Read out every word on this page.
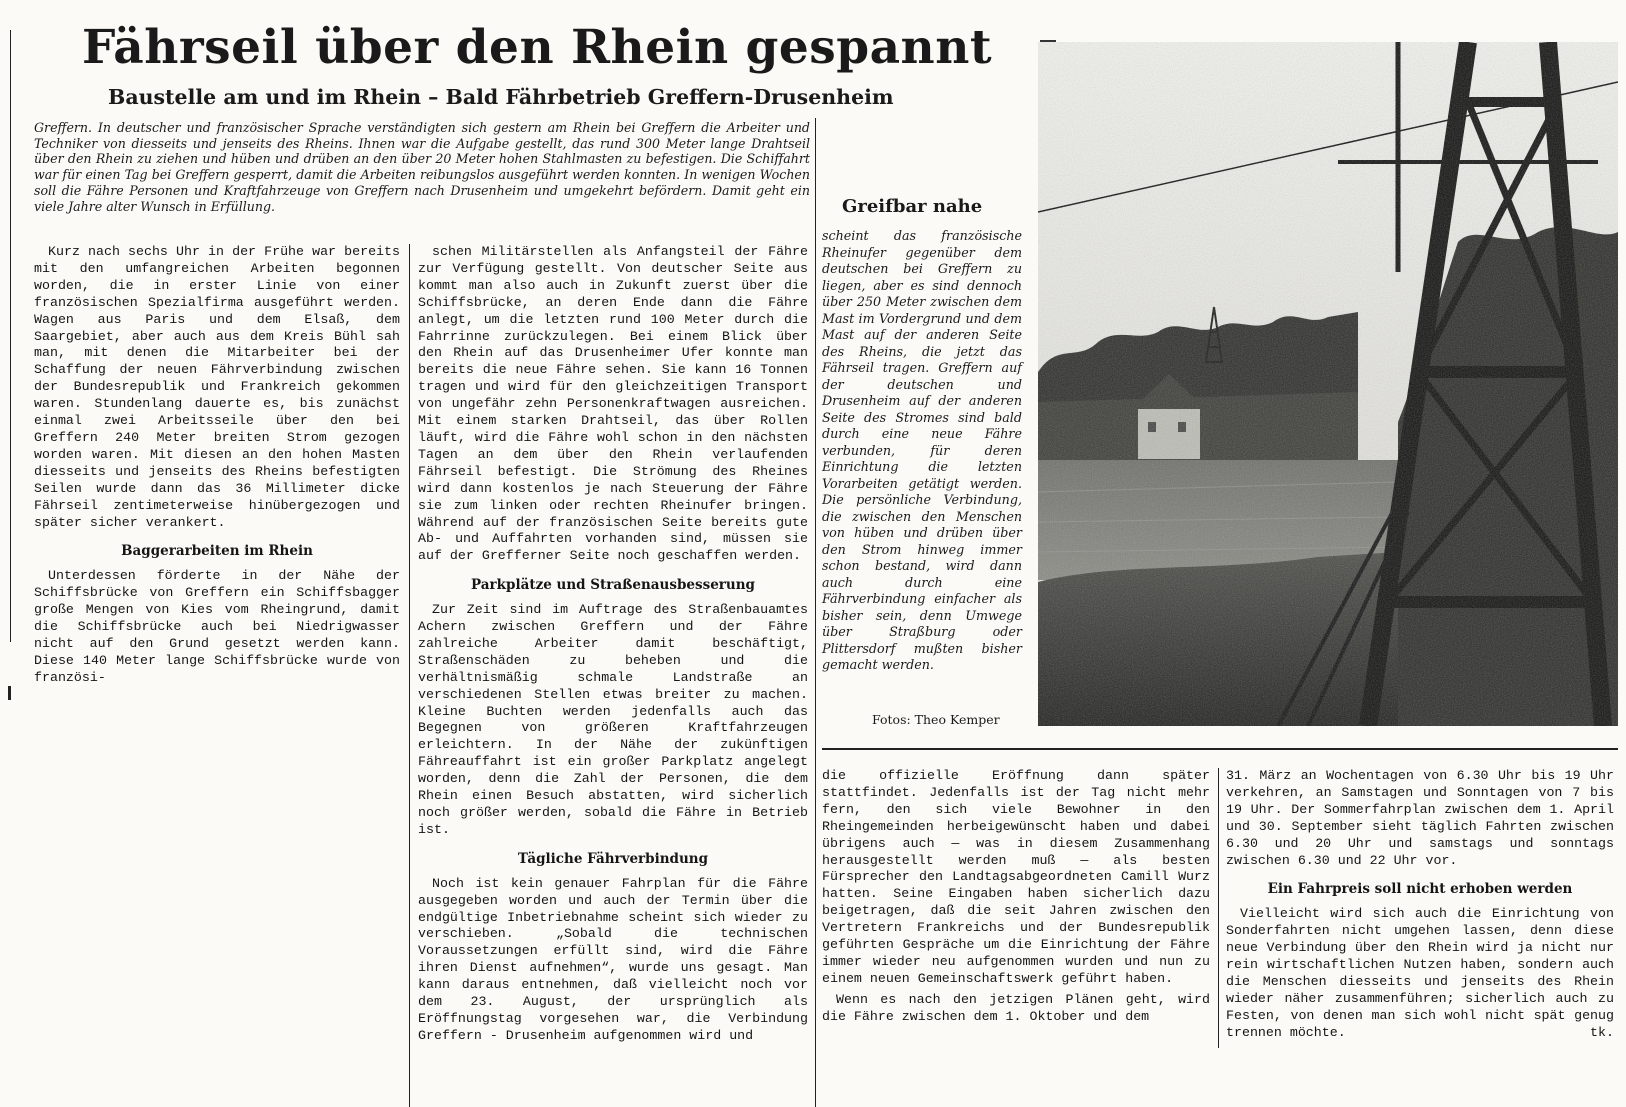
Fährseil über den Rhein gespannt
Baustelle am und im Rhein – Bald Fährbetrieb Greffern-Drusenheim
Greffern. In deutscher und französischer Sprache verständigten sich gestern am Rhein bei Greffern die Arbeiter und Techniker von diesseits und jenseits des Rheins. Ihnen war die Aufgabe gestellt, das rund 300 Meter lange Drahtseil über den Rhein zu ziehen und hüben und drüben an den über 20 Meter hohen Stahlmasten zu befestigen. Die Schiffahrt war für einen Tag bei Greffern gesperrt, damit die Arbeiten reibungslos ausgeführt werden konnten. In wenigen Wochen soll die Fähre Personen und Kraftfahrzeuge von Greffern nach Drusenheim und umgekehrt befördern. Damit geht ein viele Jahre alter Wunsch in Erfüllung.

Kurz nach sechs Uhr in der Frühe war bereits mit den umfangreichen Arbeiten begonnen worden, die in erster Linie von einer französischen Spezialfirma ausgeführt werden. Wagen aus Paris und dem Elsaß, dem Saargebiet, aber auch aus dem Kreis Bühl sah man, mit denen die Mitarbeiter bei der Schaffung der neuen Fährverbindung zwischen der Bundesrepublik und Frankreich gekommen waren. Stundenlang dauerte es, bis zunächst einmal zwei Arbeitsseile über den bei Greffern 240 Meter breiten Strom gezogen worden waren. Mit diesen an den hohen Masten diesseits und jenseits des Rheins befestigten Seilen wurde dann das 36 Millimeter dicke Fährseil zentimeterweise hinübergezogen und später sicher verankert.

Baggerarbeiten im Rhein

Unterdessen förderte in der Nähe der Schiffsbrücke von Greffern ein Schiffsbagger große Mengen von Kies vom Rheingrund, damit die Schiffsbrücke auch bei Niedrigwasser nicht auf den Grund gesetzt werden kann. Diese 140 Meter lange Schiffsbrücke wurde von französi-

schen Militärstellen als Anfangsteil der Fähre zur Verfügung gestellt. Von deutscher Seite aus kommt man also auch in Zukunft zuerst über die Schiffsbrücke, an deren Ende dann die Fähre anlegt, um die letzten rund 100 Meter durch die Fahrrinne zurückzulegen. Bei einem Blick über den Rhein auf das Drusenheimer Ufer konnte man bereits die neue Fähre sehen. Sie kann 16 Tonnen tragen und wird für den gleichzeitigen Transport von ungefähr zehn Personenkraftwagen ausreichen. Mit einem starken Drahtseil, das über Rollen läuft, wird die Fähre wohl schon in den nächsten Tagen an dem über den Rhein verlaufenden Fährseil befestigt. Die Strömung des Rheines wird dann kostenlos je nach Steuerung der Fähre sie zum linken oder rechten Rheinufer bringen. Während auf der französischen Seite bereits gute Ab- und Auffahrten vorhanden sind, müssen sie auf der Grefferner Seite noch geschaffen werden.

Parkplätze und Straßenausbesserung

Zur Zeit sind im Auftrage des Straßenbauamtes Achern zwischen Greffern und der Fähre zahlreiche Arbeiter damit beschäftigt, Straßenschäden zu beheben und die verhältnismäßig schmale Landstraße an verschiedenen Stellen etwas breiter zu machen. Kleine Buchten werden jedenfalls auch das Begegnen von größeren Kraftfahrzeugen erleichtern. In der Nähe der zukünftigen Fähreauffahrt ist ein großer Parkplatz angelegt worden, denn die Zahl der Personen, die dem Rhein einen Besuch abstatten, wird sicherlich noch größer werden, sobald die Fähre in Betrieb ist.

Tägliche Fährverbindung

Noch ist kein genauer Fahrplan für die Fähre ausgegeben worden und auch der Termin über die endgültige Inbetriebnahme scheint sich wieder zu verschieben. „Sobald die technischen Voraussetzungen erfüllt sind, wird die Fähre ihren Dienst aufnehmen“, wurde uns gesagt. Man kann daraus entnehmen, daß vielleicht noch vor dem 23. August, der ursprünglich als Eröffnungstag vorgesehen war, die Verbindung Greffern - Drusenheim aufgenommen wird und

Greifbar nahe
scheint das französische Rheinufer gegenüber dem deutschen bei Greffern zu liegen, aber es sind dennoch über 250 Meter zwischen dem Mast im Vordergrund und dem Mast auf der anderen Seite des Rheins, die jetzt das Fährseil tragen. Greffern auf der deutschen und Drusenheim auf der anderen Seite des Stromes sind bald durch eine neue Fähre verbunden, für deren Einrichtung die letzten Vorarbeiten getätigt werden. Die persönliche Verbindung, die zwischen den Menschen von hüben und drüben über den Strom hinweg immer schon bestand, wird dann auch durch eine Fährverbindung einfacher als bisher sein, denn Umwege über Straßburg oder Plittersdorf mußten bisher gemacht werden.
Fotos: Theo Kemper

die offizielle Eröffnung dann später stattfindet. Jedenfalls ist der Tag nicht mehr fern, den sich viele Bewohner in den Rheingemeinden herbeigewünscht haben und dabei übrigens auch — was in diesem Zusammenhang herausgestellt werden muß — als besten Fürsprecher den Landtagsabgeordneten Camill Wurz hatten. Seine Eingaben haben sicherlich dazu beigetragen, daß die seit Jahren zwischen den Vertretern Frankreichs und der Bundesrepublik geführten Gespräche um die Einrichtung der Fähre immer wieder neu aufgenommen wurden und nun zu einem neuen Gemeinschaftswerk geführt haben.

Wenn es nach den jetzigen Plänen geht, wird die Fähre zwischen dem 1. Oktober und dem

31. März an Wochentagen von 6.30 Uhr bis 19 Uhr verkehren, an Samstagen und Sonntagen von 7 bis 19 Uhr. Der Sommerfahrplan zwischen dem 1. April und 30. September sieht täglich Fahrten zwischen 6.30 und 20 Uhr und samstags und sonntags zwischen 6.30 und 22 Uhr vor.

Ein Fahrpreis soll nicht erhoben werden

Vielleicht wird sich auch die Einrichtung von Sonderfahrten nicht umgehen lassen, denn diese neue Verbindung über den Rhein wird ja nicht nur rein wirtschaftlichen Nutzen haben, sondern auch die Menschen diesseits und jenseits des Rhein wieder näher zusammenführen; sicherlich auch zu Festen, von denen man sich wohl nicht spät genug trennen möchte.	tk.
